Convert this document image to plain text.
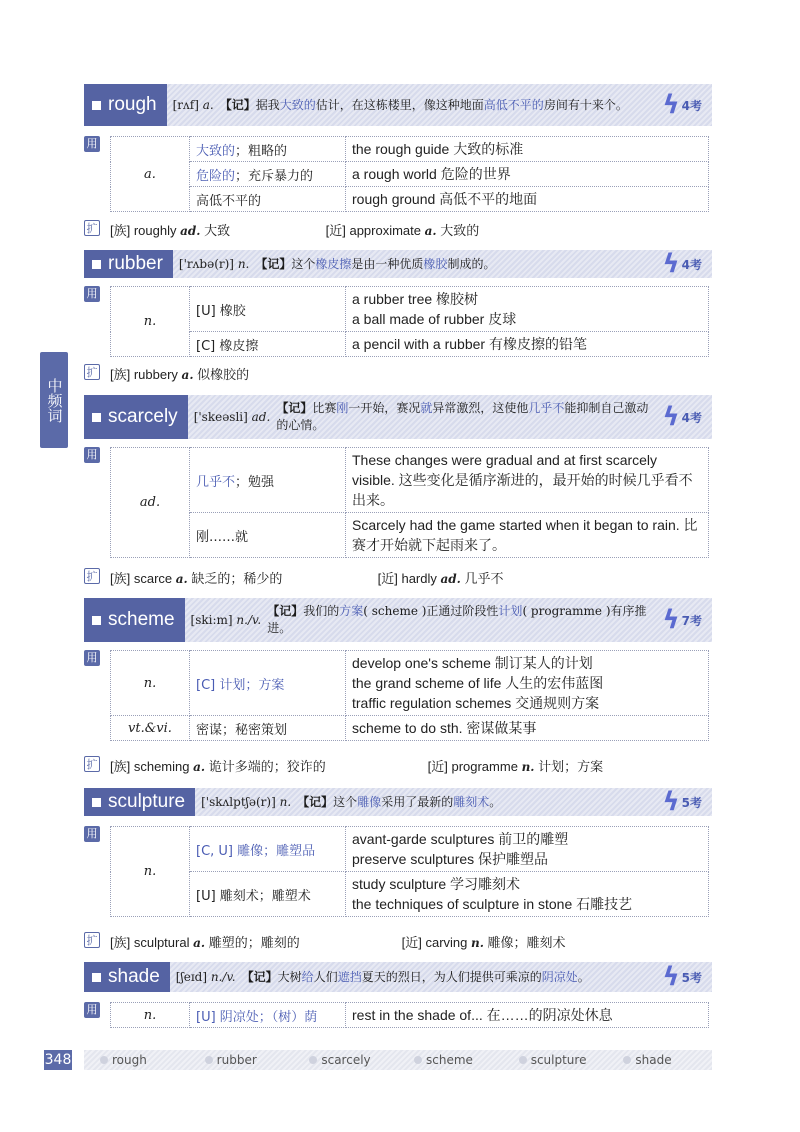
中频词
rough	[rʌf] a. 【记】据我大致的估计，在这栋楼里，像这种地面高低不平的房间有十来个。	ϟ 4考
用
a.	大致的；粗略的	the rough guide 大致的标准
	危险的；充斥暴力的	a rough world 危险的世界
	高低不平的	rough ground 高低不平的地面
扩 [族] roughly ad. 大致	[近] approximate a. 大致的
rubber	['rʌbə(r)] n. 【记】这个橡皮擦是由一种优质橡胶制成的。	ϟ 4考
用
n.	[U] 橡胶	a rubber tree 橡胶树
a ball made of rubber 皮球

	[C] 橡皮擦	a pencil with a rubber 有橡皮擦的铅笔
扩 [族] rubbery a. 似橡胶的
scarcely	['skeəsli] ad.
【记】比赛刚一开始，赛况就异常激烈，这使他几乎不能抑制自己激动的心情。	ϟ 4考
用
ad.	几乎不；勉强	These changes were gradual and at first scarcely visible. 这些变化是循序渐进的，最开始的时候几乎看不出来。
	刚……就	Scarcely had the game started when it began to rain. 比赛才开始就下起雨来了。
扩 [族] scarce a. 缺乏的；稀少的	[近] hardly ad. 几乎不
scheme	[ski:m] n./v.
【记】我们的方案( scheme )正通过阶段性计划( programme )有序推进。	ϟ 7考
用
n.	[C] 计划；方案	develop one's scheme 制订某人的计划
the grand scheme of life 人生的宏伟蓝图
traffic regulation schemes 交通规则方案

vt.&vi.	密谋；秘密策划	scheme to do sth. 密谋做某事
扩 [族] scheming a. 诡计多端的；狡诈的	[近] programme n. 计划；方案
sculpture	['skʌlptʃə(r)] n. 【记】这个雕像采用了最新的雕刻术。	ϟ 5考
用
n.	[C, U] 雕像；雕塑品	avant-garde sculptures 前卫的雕塑
preserve sculptures 保护雕塑品

	[U] 雕刻术；雕塑术	study sculpture 学习雕刻术
the techniques of sculpture in stone 石雕技艺
扩 [族] sculptural a. 雕塑的；雕刻的	[近] carving n. 雕像；雕刻术
shade	[ʃeɪd] n./v. 【记】大树给人们遮挡夏天的烈日，为人们提供可乘凉的阴凉处。	ϟ 5考
用	n.	[U] 阴凉处；（树）荫	rest in the shade of... 在……的阴凉处休息
348	rough	rubber	scarcely	scheme	sculpture	shade
